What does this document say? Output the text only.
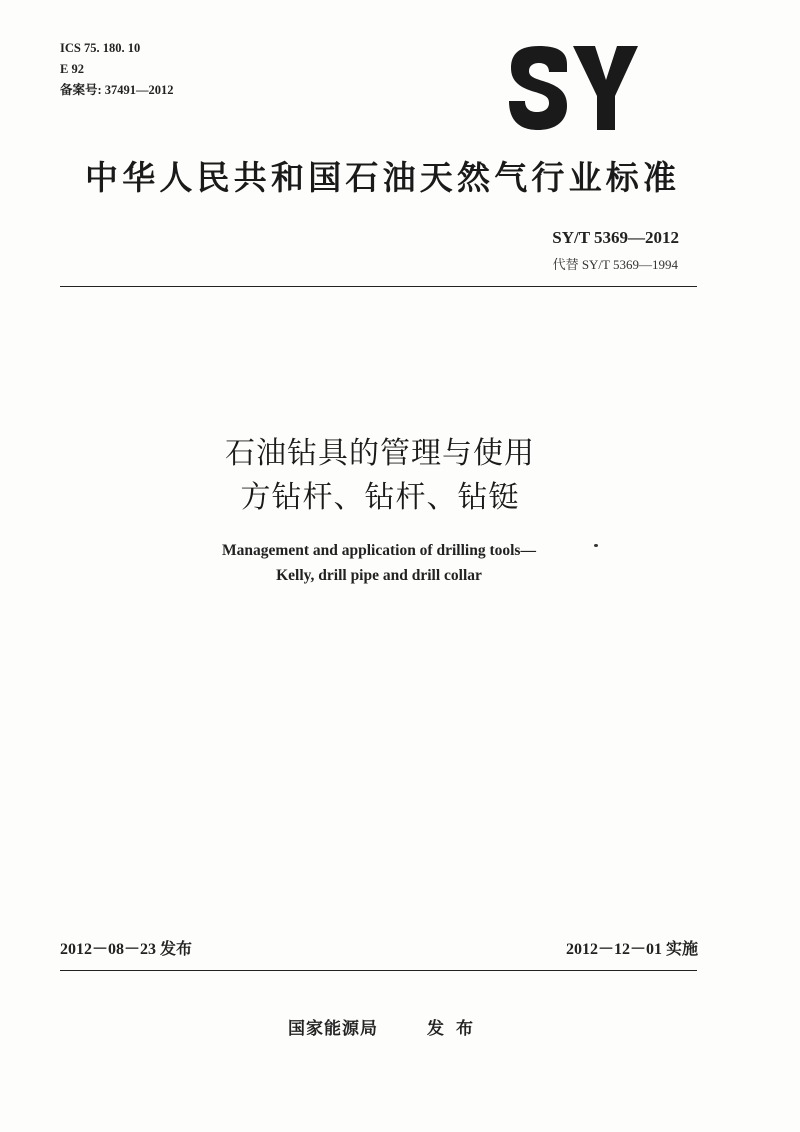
ICS 75. 180. 10
E 92
备案号: 37491—2012
中华人民共和国石油天然气行业标准
SY/T 5369—2012
代替 SY/T 5369—1994
石油钻具的管理与使用
方钻杆、钻杆、钻铤
Management and application of drilling tools—
Kelly, drill pipe and drill collar
2012－08－23 发布	2012－12－01 实施
国家能源局	发布
